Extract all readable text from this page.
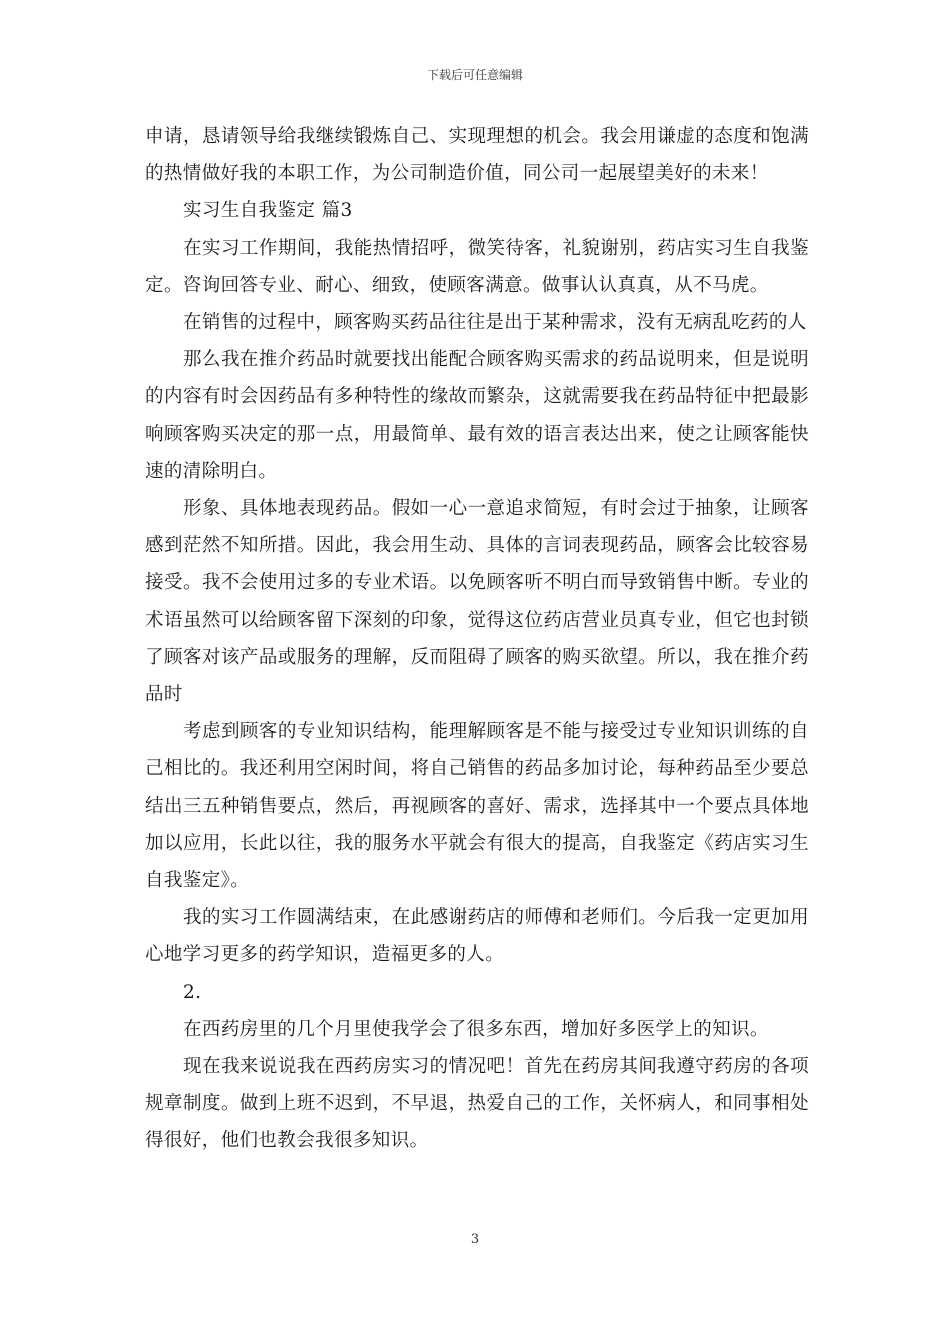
下载后可任意编辑

申请，恳请领导给我继续锻炼自己、实现理想的机会。我会用谦虚的态度和饱满的热情做好我的本职工作，为公司制造价值，同公司一起展望美好的未来！

实习生自我鉴定 篇3

在实习工作期间，我能热情招呼，微笑待客，礼貌谢别，药店实习生自我鉴定。咨询回答专业、耐心、细致，使顾客满意。做事认认真真，从不马虎。

在销售的过程中，顾客购买药品往往是出于某种需求，没有无病乱吃药的人

那么我在推介药品时就要找出能配合顾客购买需求的药品说明来，但是说明的内容有时会因药品有多种特性的缘故而繁杂，这就需要我在药品特征中把最影响顾客购买决定的那一点，用最简单、最有效的语言表达出来，使之让顾客能快速的清除明白。

形象、具体地表现药品。假如一心一意追求简短，有时会过于抽象，让顾客感到茫然不知所措。因此，我会用生动、具体的言词表现药品，顾客会比较容易接受。我不会使用过多的专业术语。以免顾客听不明白而导致销售中断。专业的术语虽然可以给顾客留下深刻的印象，觉得这位药店营业员真专业，但它也封锁了顾客对该产品或服务的理解，反而阻碍了顾客的购买欲望。所以，我在推介药品时

考虑到顾客的专业知识结构，能理解顾客是不能与接受过专业知识训练的自己相比的。我还利用空闲时间，将自己销售的药品多加讨论，每种药品至少要总结出三五种销售要点，然后，再视顾客的喜好、需求，选择其中一个要点具体地加以应用，长此以往，我的服务水平就会有很大的提高，自我鉴定《药店实习生自我鉴定》。

我的实习工作圆满结束，在此感谢药店的师傅和老师们。今后我一定更加用心地学习更多的药学知识，造福更多的人。

2.

在西药房里的几个月里使我学会了很多东西，增加好多医学上的知识。

现在我来说说我在西药房实习的情况吧！首先在药房其间我遵守药房的各项规章制度。做到上班不迟到，不早退，热爱自己的工作，关怀病人，和同事相处得很好，他们也教会我很多知识。

3
